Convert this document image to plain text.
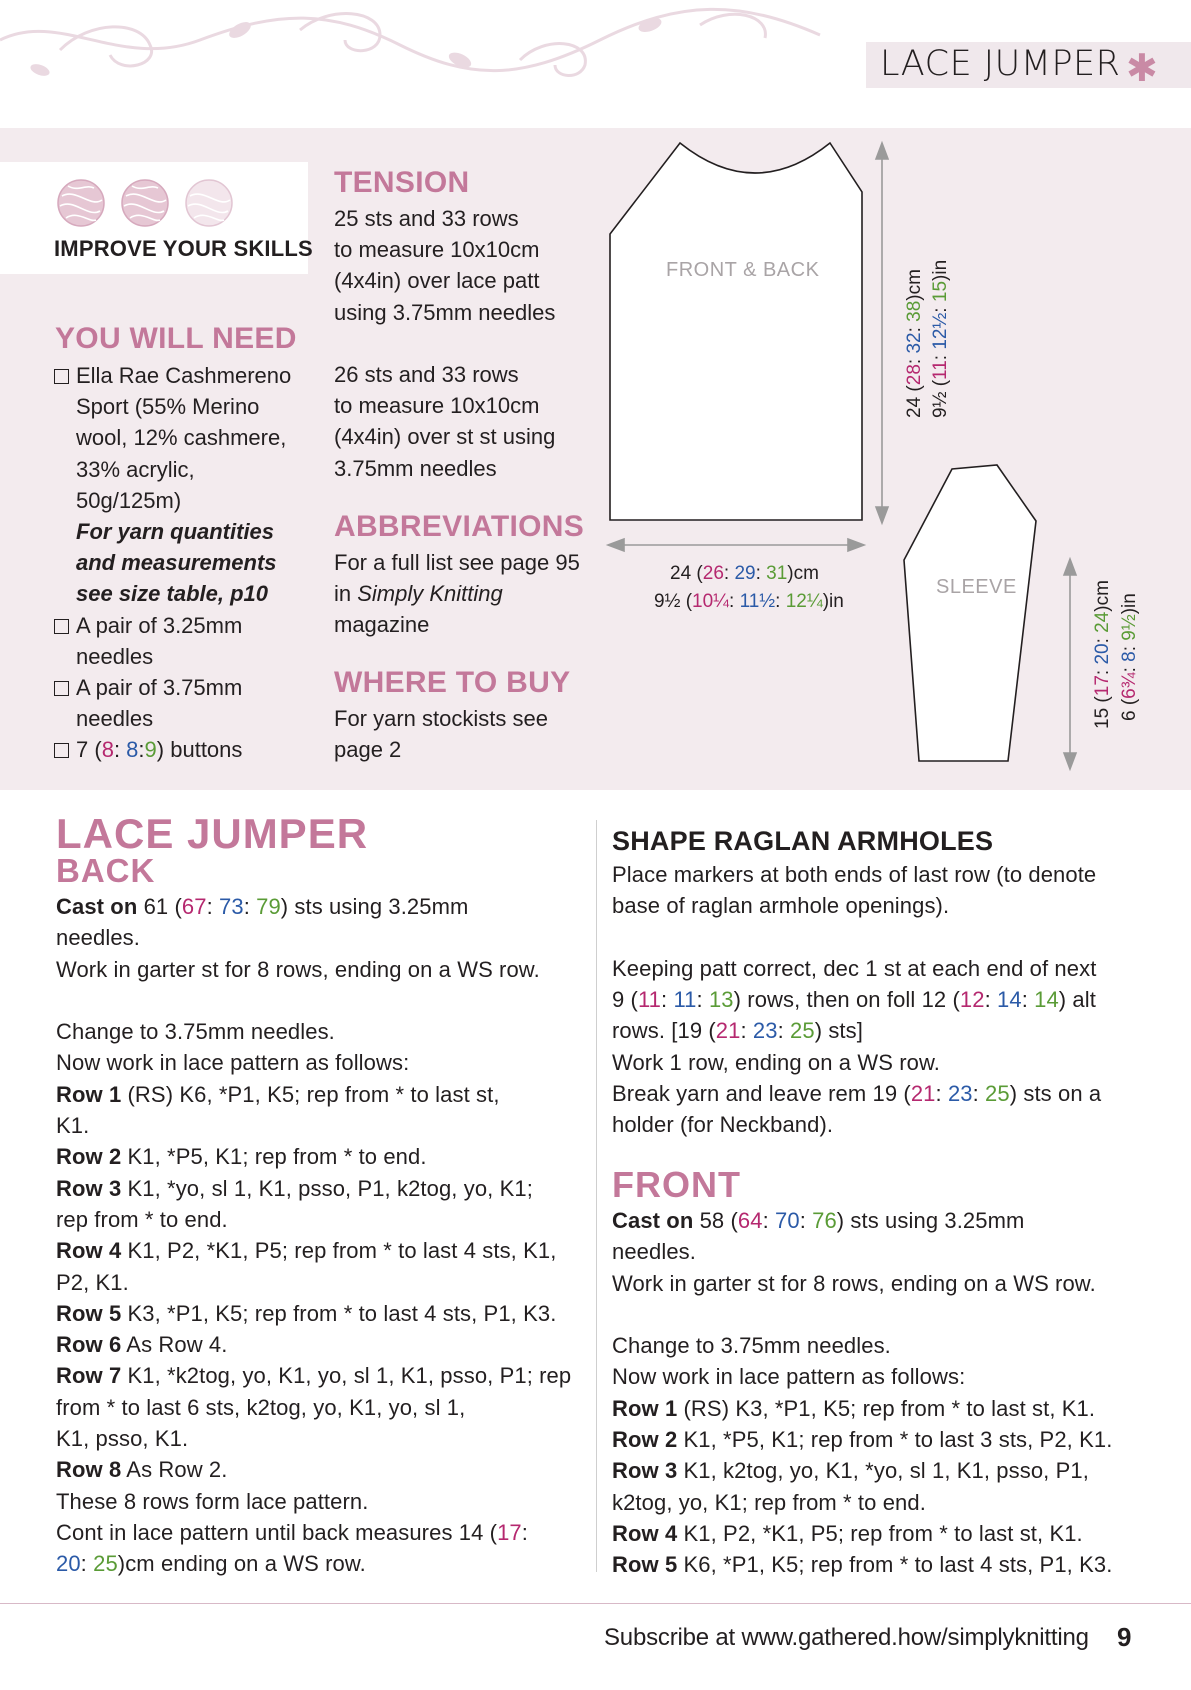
LACE JUMPER ✱
IMPROVE YOUR SKILLS
YOU WILL NEED
Ella Rae Cashmereno
Sport (55% Merino
wool, 12% cashmere,
33% acrylic,
50g/125m)
For yarn quantities
and measurements
see size table, p10
A pair of 3.25mm
needles
A pair of 3.75mm
needles
7 (8: 8:9) buttons
TENSION
25 sts and 33 rows
to measure 10x10cm
(4x4in) over lace patt
using 3.75mm needles
26 sts and 33 rows
to measure 10x10cm
(4x4in) over st st using
3.75mm needles
ABBREVIATIONS
For a full list see page 95
in Simply Knitting
magazine
WHERE TO BUY
For yarn stockists see
page 2
FRONT & BACK
SLEEVE
24 (26: 29: 31)cm
9½ (10¼: 11½: 12¼)in
24 (28: 32: 38)cm
9½ (11: 12½: 15)in
15 (17: 20: 24)cm
6 (6¾: 8: 9½)in
LACE JUMPER
BACK

Cast on 61 (67: 73: 79) sts using 3.25mm

needles.

Work in garter st for 8 rows, ending on a WS row.

Change to 3.75mm needles.

Now work in lace pattern as follows:

Row 1 (RS) K6, *P1, K5; rep from * to last st,

K1.

Row 2 K1, *P5, K1; rep from * to end.

Row 3 K1, *yo, sl 1, K1, psso, P1, k2tog, yo, K1;

rep from * to end.

Row 4 K1, P2, *K1, P5; rep from * to last 4 sts, K1,

P2, K1.

Row 5 K3, *P1, K5; rep from * to last 4 sts, P1, K3.

Row 6 As Row 4.

Row 7 K1, *k2tog, yo, K1, yo, sl 1, K1, psso, P1; rep

from * to last 6 sts, k2tog, yo, K1, yo, sl 1,

K1, psso, K1.

Row 8 As Row 2.

These 8 rows form lace pattern.

Cont in lace pattern until back measures 14 (17:

20: 25)cm ending on a WS row.

SHAPE RAGLAN ARMHOLES

Place markers at both ends of last row (to denote

base of raglan armhole openings).

Keeping patt correct, dec 1 st at each end of next

9 (11: 11: 13) rows, then on foll 12 (12: 14: 14) alt

rows. [19 (21: 23: 25) sts]

Work 1 row, ending on a WS row.

Break yarn and leave rem 19 (21: 23: 25) sts on a

holder (for Neckband).

FRONT

Cast on 58 (64: 70: 76) sts using 3.25mm

needles.

Work in garter st for 8 rows, ending on a WS row.

Change to 3.75mm needles.

Now work in lace pattern as follows:

Row 1 (RS) K3, *P1, K5; rep from * to last st, K1.

Row 2 K1, *P5, K1; rep from * to last 3 sts, P2, K1.

Row 3 K1, k2tog, yo, K1, *yo, sl 1, K1, psso, P1,

k2tog, yo, K1; rep from * to end.

Row 4 K1, P2, *K1, P5; rep from * to last st, K1.

Row 5 K6, *P1, K5; rep from * to last 4 sts, P1, K3.

Subscribe at www.gathered.how/simplyknitting 9
